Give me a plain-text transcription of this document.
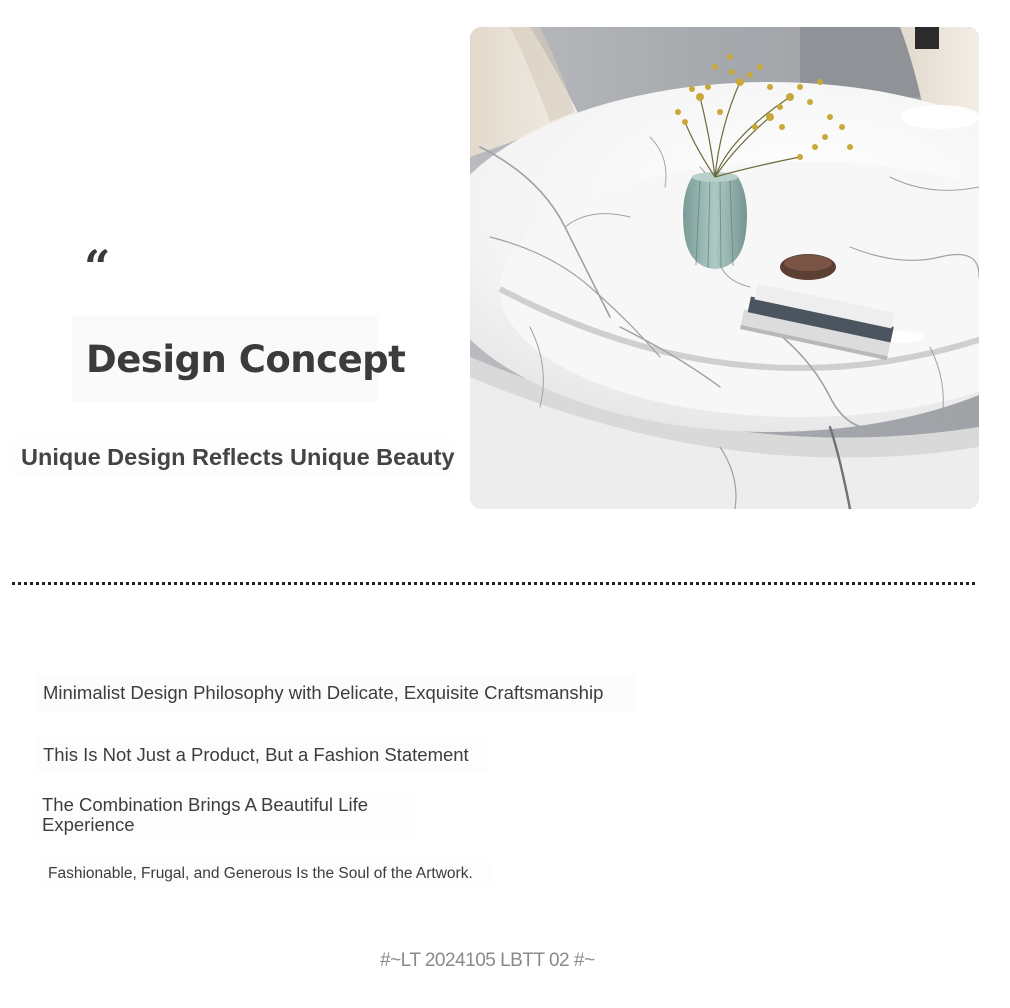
“
Design Concept
Unique Design Reflects Unique Beauty

Minimalist Design Philosophy with Delicate, Exquisite Craftsmanship

This Is Not Just a Product, But a Fashion Statement

The Combination Brings A Beautiful Life Experience

Fashionable, Frugal, and Generous Is the Soul of the Artwork.

#~LT 2024105 LBTT 02 #~
